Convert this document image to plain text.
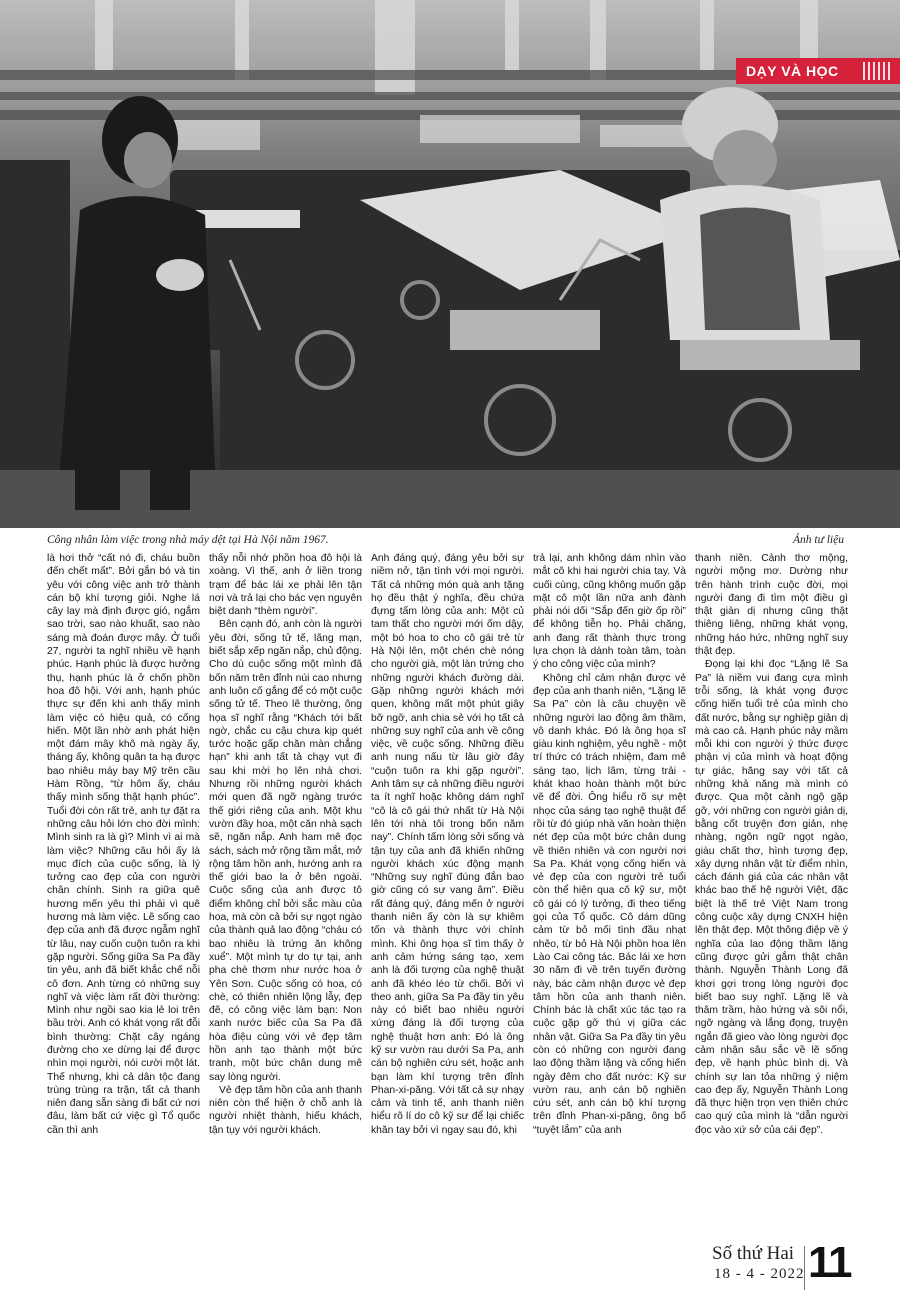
DẠY VÀ HỌC
Công nhân làm việc trong nhà máy dệt tại Hà Nội năm 1967.	Ảnh tư liệu

là hơi thở “cất nó đi, cháu buồn đến chết mất”. Bởi gắn bó và tin yêu với công việc anh trở thành cán bộ khí tượng giỏi. Nghe lá cây lay mà định được gió, ngắm sao trời, sao nào khuất, sao nào sáng mà đoán được mây. Ở tuổi 27, người ta nghĩ nhiều về hạnh phúc. Hạnh phúc là được hưởng thụ, hạnh phúc là ở chốn phồn hoa đô hội. Với anh, hạnh phúc thực sự đến khi anh thấy mình làm việc có hiệu quả, có cống hiến. Một lần nhờ anh phát hiện một đám mây khô mà ngày ấy, tháng ấy, không quân ta hạ được bao nhiêu máy bay Mỹ trên cầu Hàm Rồng, “từ hôm ấy, cháu thấy mình sống thật hạnh phúc”. Tuổi đời còn rất trẻ, anh tự đặt ra những câu hỏi lớn cho đời mình: Mình sinh ra là gì? Mình vì ai mà làm việc? Những câu hỏi ấy là mục đích của cuộc sống, là lý tưởng cao đẹp của con người chân chính. Sinh ra giữa quê hương mến yêu thì phải vì quê hương mà làm việc. Lẽ sống cao đẹp của anh đã được ngẫm nghĩ từ lâu, nay cuốn cuộn tuôn ra khi gặp người. Sống giữa Sa Pa đầy tin yêu, anh đã biết khắc chế nỗi cô đơn. Anh từng có những suy nghĩ và việc làm rất đời thường: Mình như ngồi sao kia lẻ loi trên bầu trời. Anh có khát vọng rất đỗi bình thường: Chặt cây ngáng đường cho xe dừng lại để được nhìn mọi người, nói cười một lát. Thế nhưng, khi cả dân tộc đang trùng trùng ra trận, tất cả thanh niên đang sẵn sàng đi bất cứ nơi đâu, làm bất cứ việc gì Tổ quốc cần thì anh

thấy nỗi nhớ phồn hoa đô hội là xoàng. Vì thế, anh ở liền trong trạm để bác lái xe phải lên tận nơi và trả lại cho bác vẹn nguyên biệt danh “thèm người”.

Bên cạnh đó, anh còn là người yêu đời, sống tử tế, lãng mạn, biết sắp xếp ngăn nắp, chủ động. Cho dù cuộc sống một mình đã bốn năm trên đỉnh núi cao nhưng anh luôn cố gắng để có một cuộc sống tử tế. Theo lẽ thường, ông họa sĩ nghĩ rằng “Khách tới bất ngờ, chắc cu cậu chưa kịp quét tước hoặc gấp chăn màn chẳng hạn” khi anh tất tả chạy vụt đi sau khi mời họ lên nhà chơi. Nhưng rồi những người khách mới quen đã ngỡ ngàng trước thế giới riêng của anh. Một khu vườn đầy hoa, một căn nhà sạch sẽ, ngăn nắp. Anh ham mê đọc sách, sách mở rộng tầm mắt, mở rộng tâm hồn anh, hướng anh ra thế giới bao la ở bên ngoài. Cuộc sống của anh được tô điểm không chỉ bởi sắc màu của hoa, mà còn cả bởi sự ngọt ngào của thành quả lao động “cháu có bao nhiêu là trứng ăn không xuể”. Một mình tự do tự tại, anh pha chè thơm như nước hoa ở Yên Sơn. Cuộc sống có hoa, có chè, có thiên nhiên lộng lẫy, đẹp đẽ, có công việc làm bạn: Non xanh nước biếc của Sa Pa đã hòa điệu cùng với vẻ đẹp tâm hồn anh tạo thành một bức tranh, một bức chân dung mê say lòng người.

Vẻ đẹp tâm hồn của anh thanh niên còn thể hiện ở chỗ anh là người nhiệt thành, hiếu khách, tận tụy với người khách.

Anh đáng quý, đáng yêu bởi sự niềm nở, tận tình với mọi người. Tất cả những món quà anh tặng họ đều thật ý nghĩa, đều chứa đựng tấm lòng của anh: Một củ tam thất cho người mới ốm dậy, một bó hoa to cho cô gái trẻ từ Hà Nội lên, một chén chè nóng cho người già, một làn trứng cho những người khách đường dài. Gặp những người khách mới quen, không mất một phút giây bỡ ngỡ, anh chia sẻ với họ tất cả những suy nghĩ của anh về công việc, về cuộc sống. Những điều anh nung nấu từ lâu giờ đây “cuộn tuôn ra khi gặp người”. Anh tâm sự cả những điều người ta ít nghĩ hoặc không dám nghĩ “cô là cô gái thứ nhất từ Hà Nội lên tới nhà tôi trong bốn năm nay”. Chính tấm lòng sởi sống và tận tụy của anh đã khiến những người khách xúc động mạnh “Những suy nghĩ đúng đắn bao giờ cũng có sự vang âm”. Điều rất đáng quý, đáng mến ở người thanh niên ấy còn là sự khiêm tốn và thành thực với chính mình. Khi ông họa sĩ tìm thấy ở anh cảm hứng sáng tạo, xem anh là đối tượng của nghệ thuật anh đã khéo léo từ chối. Bởi vì theo anh, giữa Sa Pa đầy tin yêu này có biết bao nhiêu người xứng đáng là đối tượng của nghệ thuật hơn anh: Đó là ông kỹ sư vườn rau dưới Sa Pa, anh cán bộ nghiên cứu sét, hoặc anh bạn làm khí tượng trên đỉnh Phan-xi-păng. Với tất cả sự nhạy cảm và tinh tế, anh thanh niên hiểu rõ lí do cô kỹ sư để lại chiếc khăn tay bởi vì ngay sau đó, khi

trả lại, anh không dám nhìn vào mắt cô khi hai người chia tay. Và cuối cùng, cũng không muốn gặp mặt cô một lần nữa anh đành phải nói dối “Sắp đến giờ ốp rồi” để không tiễn họ. Phải chăng, anh đang rất thành thực trong lựa chọn là dành toàn tâm, toàn ý cho công việc của mình?

Không chỉ cảm nhận được vẻ đẹp của anh thanh niên, “Lặng lẽ Sa Pa” còn là câu chuyện về những người lao động âm thầm, vô danh khác. Đó là ông họa sĩ giàu kinh nghiệm, yêu nghề - một trí thức có trách nhiệm, đam mê sáng tạo, lịch lãm, từng trải - khát khao hoàn thành một bức vẽ để đời. Ông hiểu rõ sự mệt nhọc của sáng tạo nghệ thuật để rồi từ đó giúp nhà văn hoàn thiện nét đẹp của một bức chân dung về thiên nhiên và con người nơi Sa Pa. Khát vọng cống hiến và vẻ đẹp của con người trẻ tuổi còn thể hiện qua cô kỹ sư, một cô gái có lý tưởng, đi theo tiếng gọi của Tổ quốc. Cô dám dũng cảm từ bỏ mối tình đầu nhạt nhẽo, từ bỏ Hà Nội phồn hoa lên Lào Cai công tác. Bác lái xe hơn 30 năm đi về trên tuyến đường này, bác cảm nhận được vẻ đẹp tâm hồn của anh thanh niên. Chính bác là chất xúc tác tạo ra cuộc gặp gỡ thú vị giữa các nhân vật. Giữa Sa Pa đầy tin yêu còn có những con người đang lao động thầm lặng và cống hiến ngày đêm cho đất nước: Kỹ sư vườn rau, anh cán bộ nghiên cứu sét, anh cán bộ khí tượng trên đỉnh Phan-xi-păng, ông bố “tuyệt lắm” của anh

thanh niên. Cảnh thơ mộng, người mộng mơ. Dường như trên hành trình cuộc đời, mọi người đang đi tìm một điều gì thật giản dị nhưng cũng thật thiêng liêng, những khát vọng, những háo hức, những nghĩ suy thật đẹp.

Đọng lại khi đọc “Lặng lẽ Sa Pa” là niềm vui đang cựa mình trỗi sống, là khát vọng được cống hiến tuổi trẻ của mình cho đất nước, bằng sự nghiệp giản dị mà cao cả. Hạnh phúc nảy mầm mỗi khi con người ý thức được phận vị của mình và hoạt động tự giác, hăng say với tất cả những khả năng mà mình có được. Qua một cảnh ngộ gặp gỡ, với những con người giản dị, bằng cốt truyện đơn giản, nhẹ nhàng, ngôn ngữ ngọt ngào, giàu chất thơ, hình tượng đẹp, xây dựng nhân vật từ điểm nhìn, cách đánh giá của các nhân vật khác bao thế hệ người Việt, đặc biệt là thế trẻ Việt Nam trong công cuộc xây dựng CNXH hiện lên thật đẹp. Một thông điệp về ý nghĩa của lao động thầm lặng cũng được gửi gắm thật chân thành. Nguyễn Thành Long đã khơi gợi trong lòng người đọc biết bao suy nghĩ. Lặng lẽ và thâm trầm, hào hứng và sôi nổi, ngỡ ngàng và lắng đọng, truyện ngắn đã gieo vào lòng người đọc cảm nhận sâu sắc về lẽ sống đẹp, về hạnh phúc bình dị. Và chính sự lan tỏa những ý niệm cao đẹp ấy, Nguyễn Thành Long đã thực hiện trọn vẹn thiên chức cao quý của mình là “dẫn người đọc vào xứ sở của cái đẹp”.

Số thứ Hai
18 - 4 - 2022 11
